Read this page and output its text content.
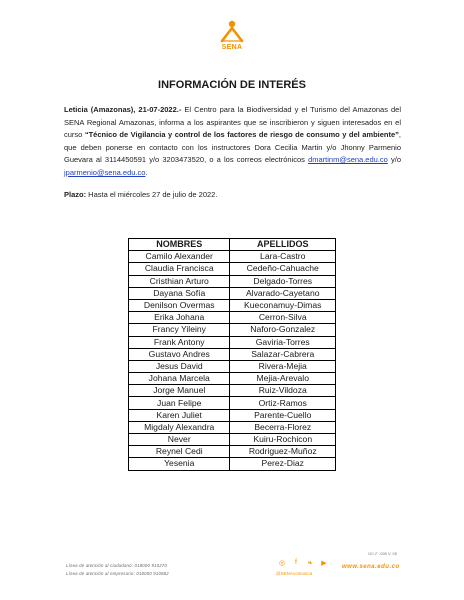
SENA
INFORMACIÓN DE INTERÉS

Leticia (Amazonas), 21-07-2022.- El Centro para la Biodiversidad y el Turismo del Amazonas del SENA Regional Amazonas, informa a los aspirantes que se inscribieron y siguen interesados en el curso “Técnico de Vigilancia y control de los factores de riesgo de consumo y del ambiente”, que deben ponerse en contacto con los instructores Dora Cecilia Martin y/o Jhonny Parmenio Guevara al 3114450591 y/o 3203473520, o a los correos electrónicos dmartinm@sena.edu.co y/o jparmenio@sena.edu.co.

Plazo: Hasta el miércoles 27 de julio de 2022.

NOMBRES	APELLIDOS
Camilo Alexander	Lara-Castro
Claudia Francisca	Cedeño-Cahuache
Cristhian Arturo	Delgado-Torres
Dayana Sofía	Alvarado-Cayetano
Denilson Overmas	Kueconamuy-Dimas
Erika Johana	Cerron-Silva
Francy Yileiny	Naforo-Gonzalez
Frank Antony	Gaviria-Torres
Gustavo Andres	Salazar-Cabrera
Jesus David	Rivera-Mejia
Johana Marcela	Mejia-Arevalo
Jorge Manuel	Ruiz-Vildoza
Juan Felipe	Ortiz-Ramos
Karen Juliet	Parente-Cuello
Migdaly Alexandra	Becerra-Florez
Never	Kuiru-Rochicon
Reynel Cedi	Rodriguez-Muñoz
Yesenia	Perez-Diaz
GC-F -005 V. 05
Línea de atención al ciudadano: 018000 910270
Línea de atención al empresario: 018000 910682
◎	f	❧ ▶
@SENAcomunica
www.sena.edu.co
